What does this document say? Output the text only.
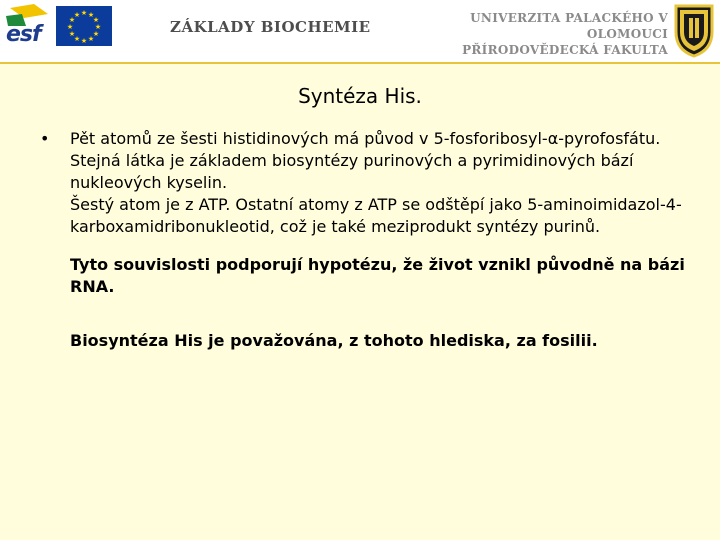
esf
★ ★
★
★
★
★
★
★
★
★
★
★
ZÁKLADY BIOCHEMIE	UNIVERZITA PALACKÉHO V OLOMOUCI
PŘÍRODOVĚDECKÁ FAKULTA
Syntéza His.
• Pět atomů ze šesti histidinových má původ v 5-fosforibosyl-α-pyrofosfátu.
Stejná látka je základem biosyntézy purinových a pyrimidinových bází nukleových kyselin.
Šestý atom je z ATP. Ostatní atomy z ATP se odštěpí jako 5-aminoimidazol-4-karboxamidribonukleotid, což je také meziprodukt syntézy purinů.
Tyto souvislosti podporují hypotézu, že život vznikl původně na bázi RNA.
Biosyntéza His je považována, z tohoto hlediska, za fosilii.
